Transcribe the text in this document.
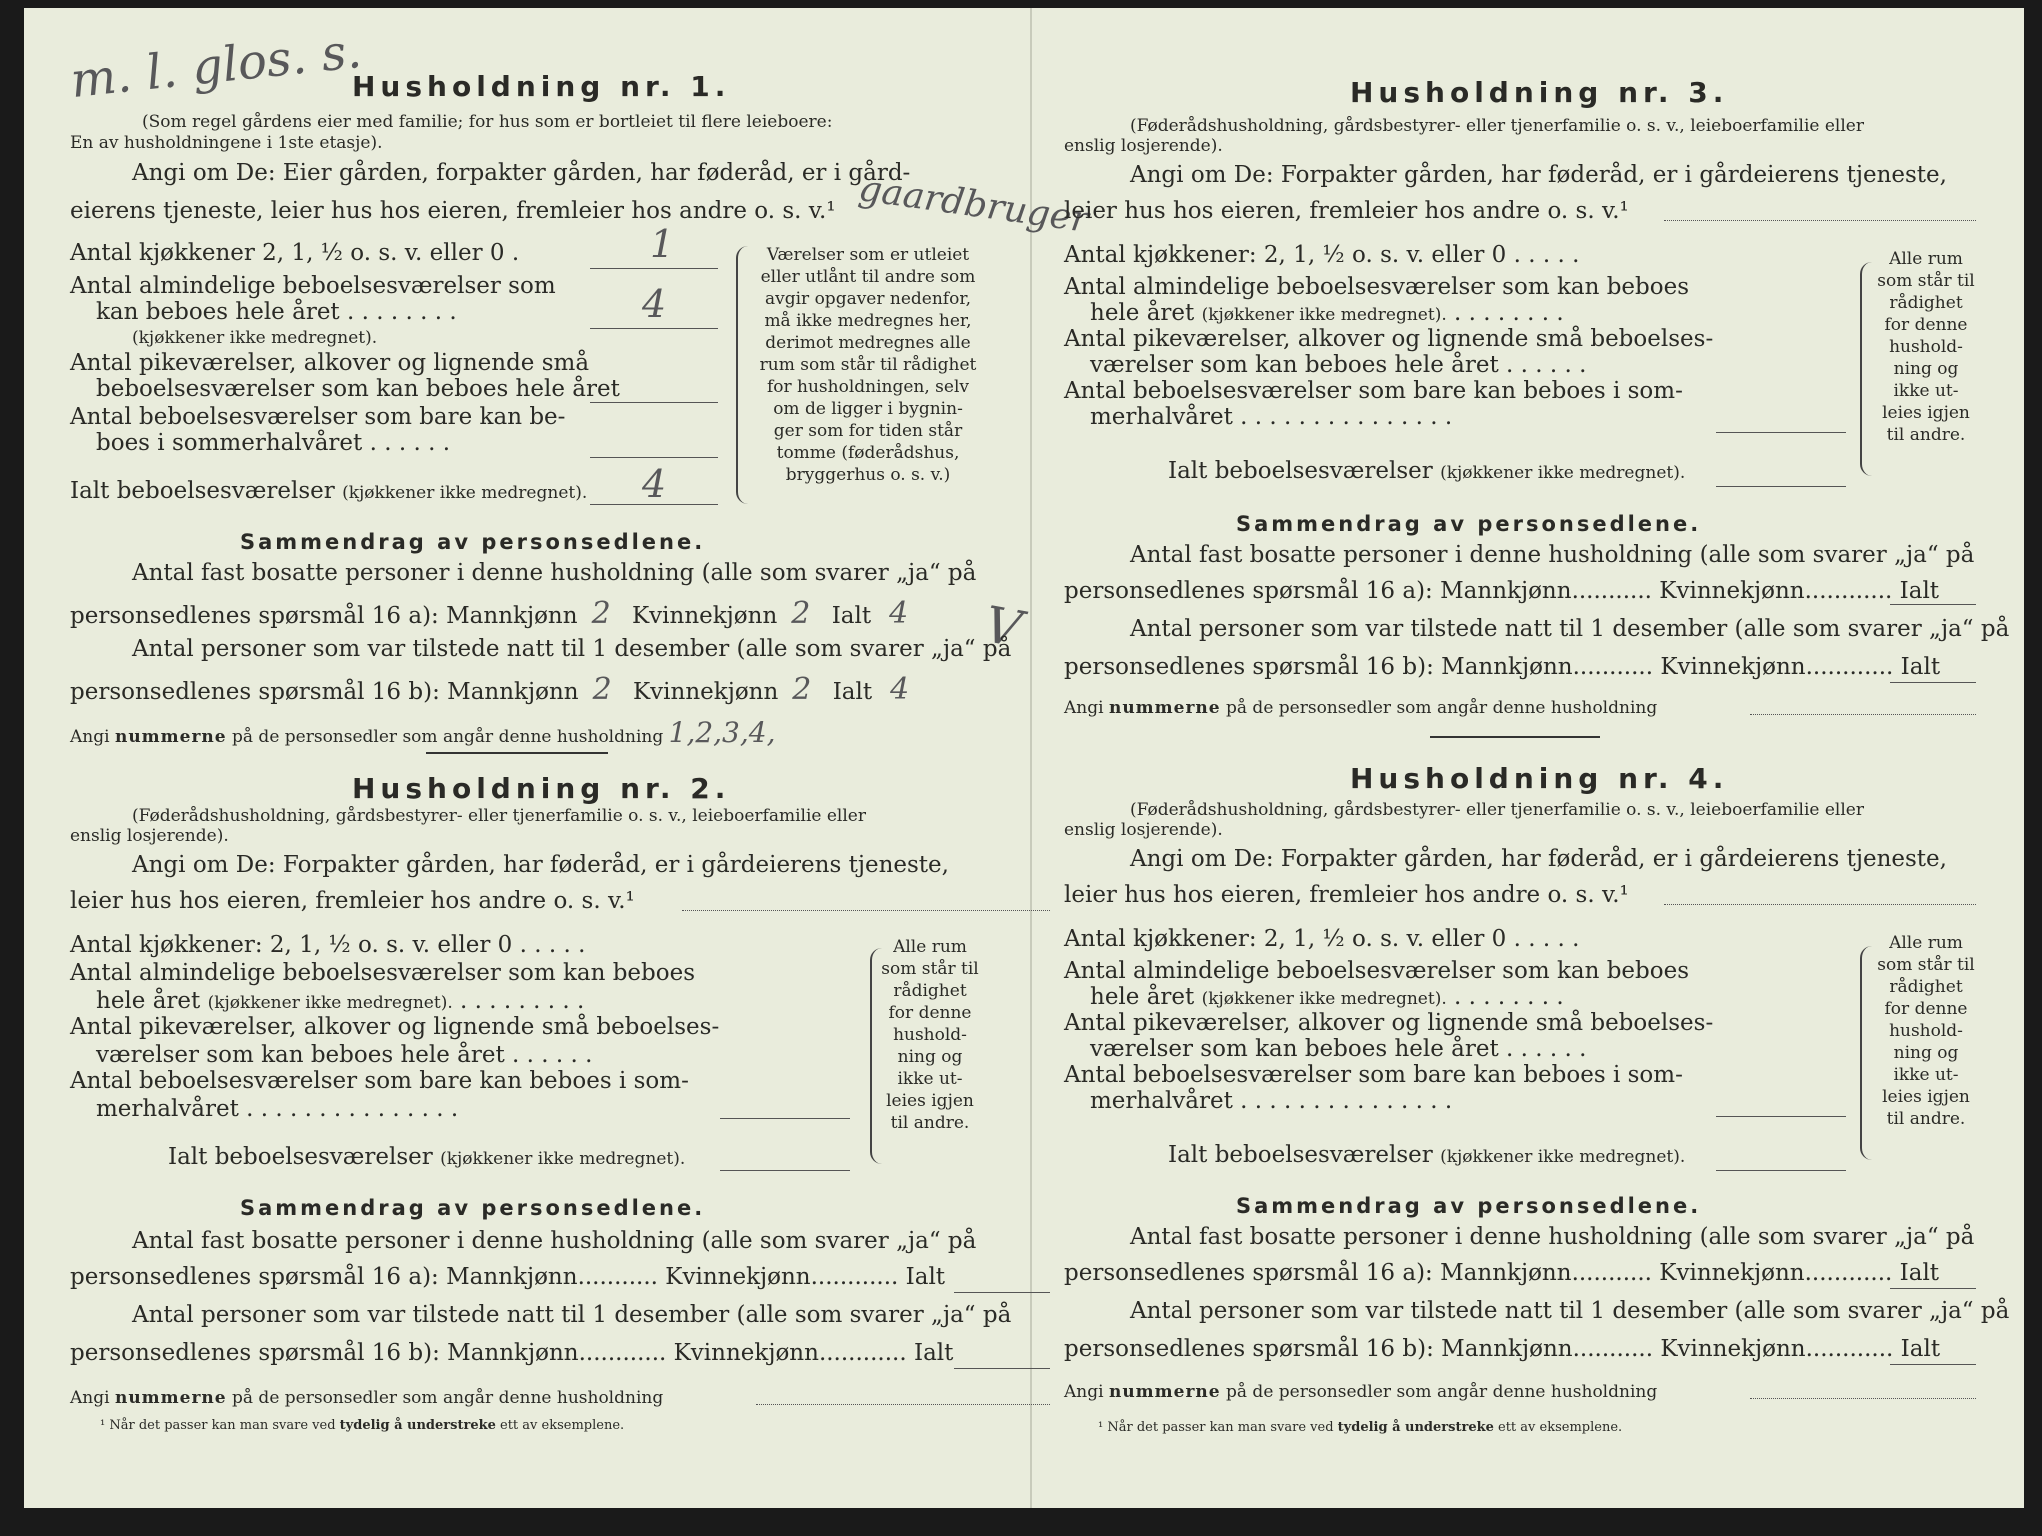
m. l. glos. s.
Husholdning nr. 1.
(Som regel gårdens eier med familie; for hus som er bortleiet til flere leieboere:
En av husholdningene i 1ste etasje).
Angi om De: Eier gården, forpakter gården, har føderåd, er i gård-
eierens tjeneste, leier hus hos eieren, fremleier hos andre o. s. v.¹ gaardbruger
Antal kjøkkener 2, 1, ½ o. s. v. eller 0 .	1
Antal almindelige beboelsesværelser som
kan beboes hele året . . . . . . . .
(kjøkkener ikke medregnet).
4
Antal pikeværelser, alkover og lignende små
beboelsesværelser som kan beboes hele året
Antal beboelsesværelser som bare kan be-
boes i sommerhalvåret . . . . . .
Ialt beboelsesværelser (kjøkkener ikke medregnet). 4
Værelser som er utleiet
eller utlånt til andre som
avgir opgaver nedenfor,
må ikke medregnes her,
derimot medregnes alle
rum som står til rådighet
for husholdningen, selv
om de ligger i bygnin-
ger som for tiden står
tomme (føderådshus,
bryggerhus o. s. v.)
Sammendrag av personsedlene.
Antal fast bosatte personer i denne husholdning (alle som svarer „ja“ på
personsedlenes spørsmål 16 a): Mannkjønn 2 Kvinnekjønn 2 Ialt 4	V
Antal personer som var tilstede natt til 1 desember (alle som svarer „ja“ på
personsedlenes spørsmål 16 b): Mannkjønn 2 Kvinnekjønn 2 Ialt 4
Angi nummerne på de personsedler som angår denne husholdning 1,2,3,4,
Husholdning nr. 2.
(Føderådshusholdning, gårdsbestyrer- eller tjenerfamilie o. s. v., leieboerfamilie eller
enslig losjerende).
Angi om De: Forpakter gården, har føderåd, er i gårdeierens tjeneste,
leier hus hos eieren, fremleier hos andre o. s. v.¹
Antal kjøkkener: 2, 1, ½ o. s. v. eller 0 . . . . .
Antal almindelige beboelsesværelser som kan beboes
hele året (kjøkkener ikke medregnet). . . . . . . . . .
Antal pikeværelser, alkover og lignende små beboelses-
værelser som kan beboes hele året . . . . . .
Antal beboelsesværelser som bare kan beboes i som-
merhalvåret . . . . . . . . . . . . . . .
Ialt beboelsesværelser (kjøkkener ikke medregnet).
Alle rum
som står til
rådighet
for denne
hushold-
ning og
ikke ut-
leies igjen
til andre.
Sammendrag av personsedlene.
Antal fast bosatte personer i denne husholdning (alle som svarer „ja“ på
personsedlenes spørsmål 16 a): Mannkjønn........... Kvinnekjønn............ Ialt
Antal personer som var tilstede natt til 1 desember (alle som svarer „ja“ på
personsedlenes spørsmål 16 b): Mannkjønn............ Kvinnekjønn............ Ialt
Angi nummerne på de personsedler som angår denne husholdning
¹ Når det passer kan man svare ved tydelig å understreke ett av eksemplene.
Husholdning nr. 3.
(Føderådshusholdning, gårdsbestyrer- eller tjenerfamilie o. s. v., leieboerfamilie eller
enslig losjerende).
Angi om De: Forpakter gården, har føderåd, er i gårdeierens tjeneste,
leier hus hos eieren, fremleier hos andre o. s. v.¹
Antal kjøkkener: 2, 1, ½ o. s. v. eller 0 . . . . .
Antal almindelige beboelsesværelser som kan beboes
hele året (kjøkkener ikke medregnet). . . . . . . . .
Antal pikeværelser, alkover og lignende små beboelses-
værelser som kan beboes hele året . . . . . .
Antal beboelsesværelser som bare kan beboes i som-
merhalvåret . . . . . . . . . . . . . . .
Ialt beboelsesværelser (kjøkkener ikke medregnet).
Alle rum
som står til
rådighet
for denne
hushold-
ning og
ikke ut-
leies igjen
til andre.
Sammendrag av personsedlene.
Antal fast bosatte personer i denne husholdning (alle som svarer „ja“ på
personsedlenes spørsmål 16 a): Mannkjønn........... Kvinnekjønn............ Ialt
Antal personer som var tilstede natt til 1 desember (alle som svarer „ja“ på
personsedlenes spørsmål 16 b): Mannkjønn........... Kvinnekjønn............ Ialt
Angi nummerne på de personsedler som angår denne husholdning
Husholdning nr. 4.
(Føderådshusholdning, gårdsbestyrer- eller tjenerfamilie o. s. v., leieboerfamilie eller
enslig losjerende).
Angi om De: Forpakter gården, har føderåd, er i gårdeierens tjeneste,
leier hus hos eieren, fremleier hos andre o. s. v.¹
Antal kjøkkener: 2, 1, ½ o. s. v. eller 0 . . . . .
Antal almindelige beboelsesværelser som kan beboes
hele året (kjøkkener ikke medregnet). . . . . . . . .
Antal pikeværelser, alkover og lignende små beboelses-
værelser som kan beboes hele året . . . . . .
Antal beboelsesværelser som bare kan beboes i som-
merhalvåret . . . . . . . . . . . . . . .
Ialt beboelsesværelser (kjøkkener ikke medregnet).
Alle rum
som står til
rådighet
for denne
hushold-
ning og
ikke ut-
leies igjen
til andre.
Sammendrag av personsedlene.
Antal fast bosatte personer i denne husholdning (alle som svarer „ja“ på
personsedlenes spørsmål 16 a): Mannkjønn........... Kvinnekjønn............ Ialt
Antal personer som var tilstede natt til 1 desember (alle som svarer „ja“ på
personsedlenes spørsmål 16 b): Mannkjønn........... Kvinnekjønn............ Ialt
Angi nummerne på de personsedler som angår denne husholdning
¹ Når det passer kan man svare ved tydelig å understreke ett av eksemplene.
